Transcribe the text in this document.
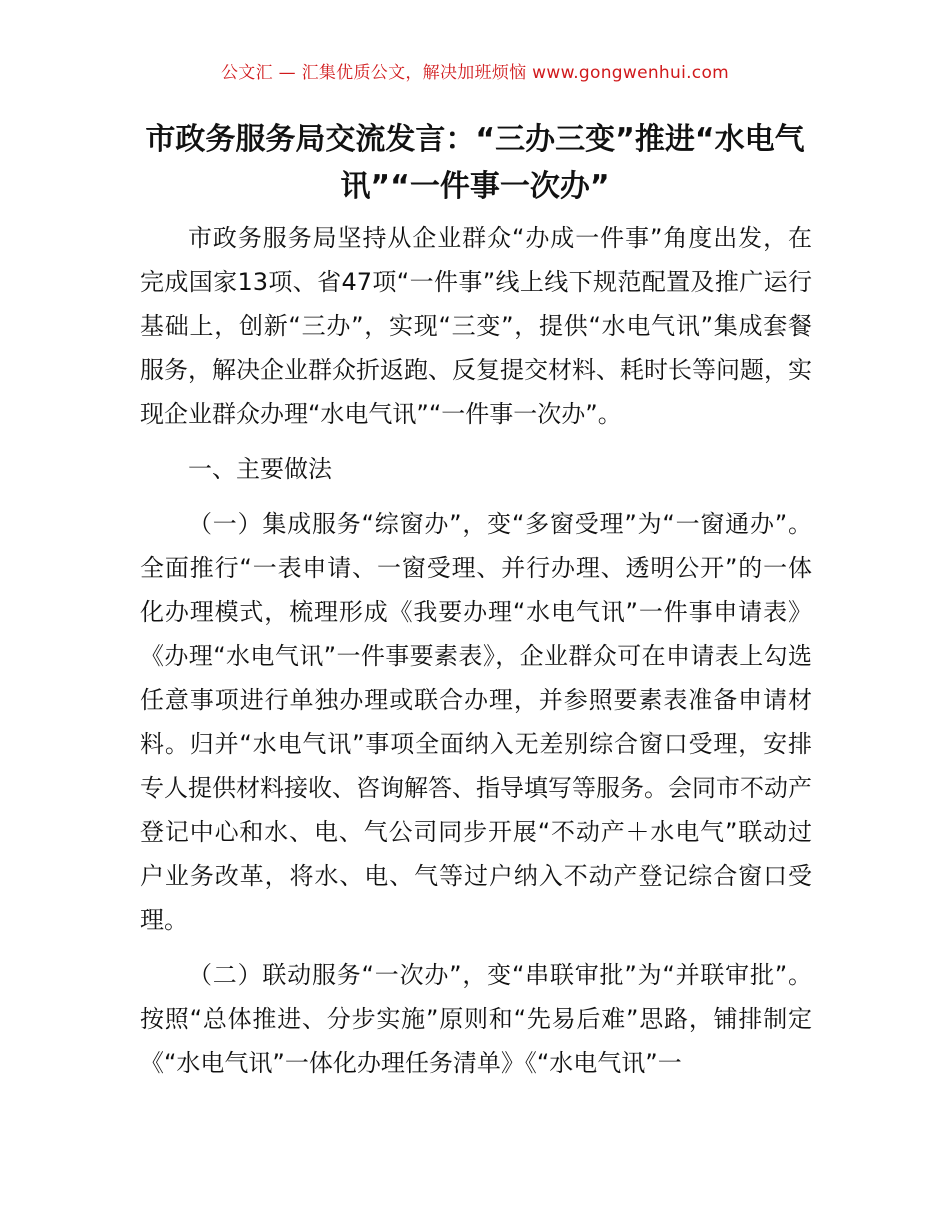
公文汇 — 汇集优质公文，解决加班烦恼 www.gongwenhui.com
市政务服务局交流发言：“三办三变”推进“水电气讯”“一件事一次办”

市政务服务局坚持从企业群众“办成一件事”角度出发，在完成国家13项、省47项“一件事”线上线下规范配置及推广运行基础上，创新“三办”，实现“三变”，提供“水电气讯”集成套餐服务，解决企业群众折返跑、反复提交材料、耗时长等问题，实现企业群众办理“水电气讯”“一件事一次办”。

一、主要做法

（一）集成服务“综窗办”，变“多窗受理”为“一窗通办”。全面推行“一表申请、一窗受理、并行办理、透明公开”的一体化办理模式，梳理形成《我要办理“水电气讯”一件事申请表》《办理“水电气讯”一件事要素表》，企业群众可在申请表上勾选任意事项进行单独办理或联合办理，并参照要素表准备申请材料。归并“水电气讯”事项全面纳入无差别综合窗口受理，安排专人提供材料接收、咨询解答、指导填写等服务。会同市不动产登记中心和水、电、气公司同步开展“不动产＋水电气”联动过户业务改革，将水、电、气等过户纳入不动产登记综合窗口受理。

（二）联动服务“一次办”，变“串联审批”为“并联审批”。按照“总体推进、分步实施”原则和“先易后难”思路，铺排制定《“水电气讯”一体化办理任务清单》《“水电气讯”一
